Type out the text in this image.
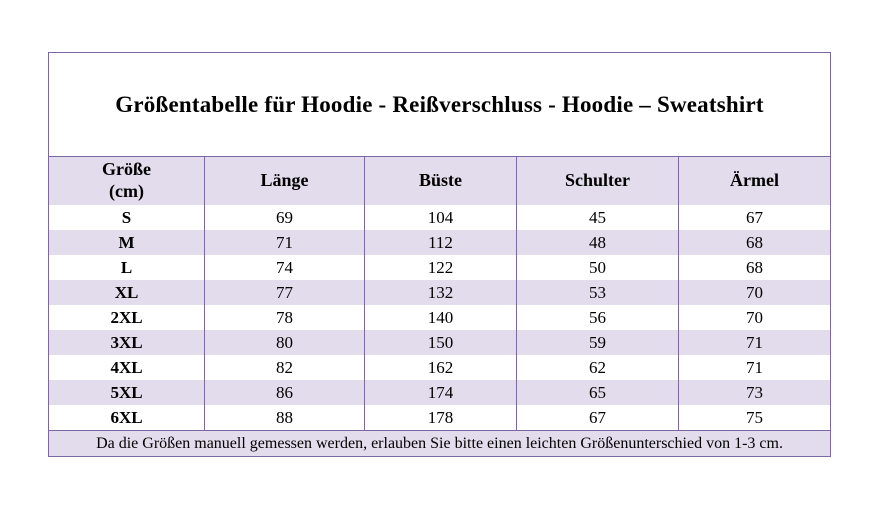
Größentabelle für Hoodie - Reißverschluss - Hoodie – Sweatshirt
Größe
(cm)
Länge	Büste	Schulter	Ärmel
S	69	104	45	67
M	71	112	48	68
L	74	122	50	68
XL	77	132	53	70
2XL	78	140	56	70
3XL	80	150	59	71
4XL	82	162	62	71
5XL	86	174	65	73
6XL	88	178	67	75
Da die Größen manuell gemessen werden, erlauben Sie bitte einen leichten Größenunterschied von 1-3 cm.
